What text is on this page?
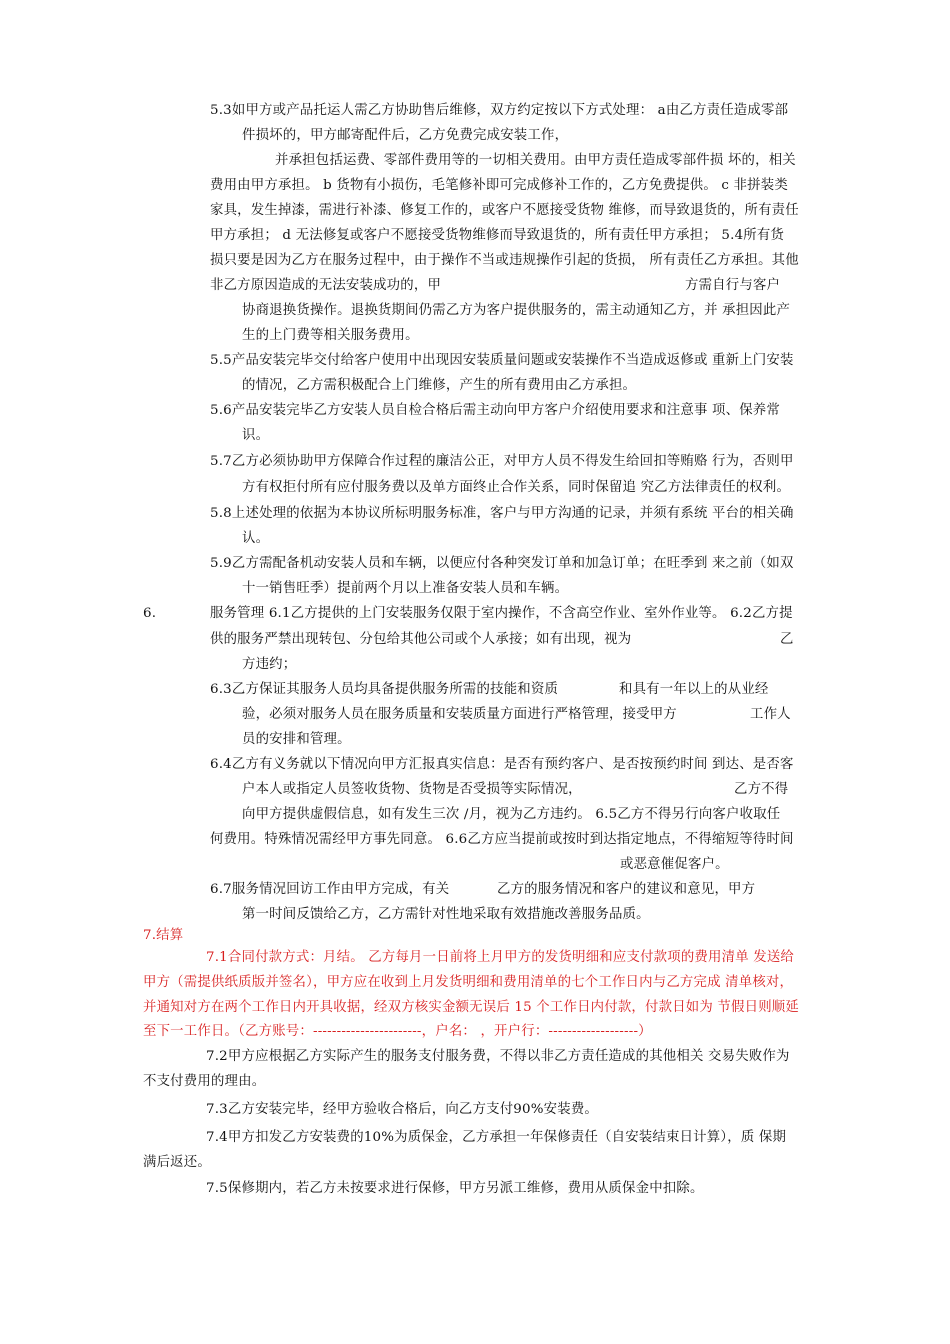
5.3如甲方或产品托运人需乙方协助售后维修，双方约定按以下方式处理： a由乙方责任造成零部
件损坏的，甲方邮寄配件后，乙方免费完成安装工作，
并承担包括运费、零部件费用等的一切相关费用。由甲方责任造成零部件损 坏的，相关
费用由甲方承担。 b 货物有小损伤，毛笔修补即可完成修补工作的，乙方免费提供。 c 非拼装类
家具，发生掉漆，需进行补漆、修复工作的，或客户不愿接受货物 维修，而导致退货的，所有责任
甲方承担； d 无法修复或客户不愿接受货物维修而导致退货的，所有责任甲方承担； 5.4所有货
损只要是因为乙方在服务过程中，由于操作不当或违规操作引起的货损， 所有责任乙方承担。其他
非乙方原因造成的无法安装成功的，甲	方需自行与客户
协商退换货操作。退换货期间仍需乙方为客户提供服务的，需主动通知乙方，并 承担因此产
生的上门费等相关服务费用。
5.5产品安装完毕交付给客户使用中出现因安装质量问题或安装操作不当造成返修或 重新上门安装
的情况，乙方需积极配合上门维修，产生的所有费用由乙方承担。
5.6产品安装完毕乙方安装人员自检合格后需主动向甲方客户介绍使用要求和注意事 项、保养常
识。
5.7乙方必须协助甲方保障合作过程的廉洁公正，对甲方人员不得发生给回扣等贿赂 行为，否则甲
方有权拒付所有应付服务费以及单方面终止合作关系，同时保留追 究乙方法律责任的权利。
5.8上述处理的依据为本协议所标明服务标准，客户与甲方沟通的记录，并须有系统 平台的相关确
认。
5.9乙方需配备机动安装人员和车辆，以便应付各种突发订单和加急订单；在旺季到 来之前（如双
十一销售旺季）提前两个月以上准备安装人员和车辆。
6.	服务管理 6.1乙方提供的上门安装服务仅限于室内操作，不含高空作业、室外作业等。 6.2乙方提
供的服务严禁出现转包、分包给其他公司或个人承接；如有出现，视为	乙
方违约；
6.3乙方保证其服务人员均具备提供服务所需的技能和资质	和具有一年以上的从业经
验，必须对服务人员在服务质量和安装质量方面进行严格管理，接受甲方	工作人
员的安排和管理。
6.4乙方有义务就以下情况向甲方汇报真实信息：是否有预约客户、是否按预约时间 到达、是否客
户本人或指定人员签收货物、货物是否受损等实际情况，	乙方不得
向甲方提供虚假信息，如有发生三次 /月，视为乙方违约。 6.5乙方不得另行向客户收取任
何费用。特殊情况需经甲方事先同意。 6.6乙方应当提前或按时到达指定地点，不得缩短等待时间
或恶意催促客户。
6.7服务情况回访工作由甲方完成，有关	乙方的服务情况和客户的建议和意见，甲方
第一时间反馈给乙方，乙方需针对性地采取有效措施改善服务品质。
7.结算
7.1合同付款方式：月结。 乙方每月一日前将上月甲方的发货明细和应支付款项的费用清单 发送给
甲方（需提供纸质版并签名），甲方应在收到上月发货明细和费用清单的七个工作日内与乙方完成 清单核对，
并通知对方在两个工作日内开具收据，经双方核实金额无误后 15 个工作日内付款，付款日如为 节假日则顺延
至下一工作日。（乙方账号：-----------------------，户名： ，开户行：-------------------）
7.2甲方应根据乙方实际产生的服务支付服务费，不得以非乙方责任造成的其他相关 交易失败作为
不支付费用的理由。
7.3乙方安装完毕，经甲方验收合格后，向乙方支付90%安装费。
7.4甲方扣发乙方安装费的10%为质保金，乙方承担一年保修责任（自安装结束日计算），质 保期
满后返还。
7.5保修期内，若乙方未按要求进行保修，甲方另派工维修，费用从质保金中扣除。
